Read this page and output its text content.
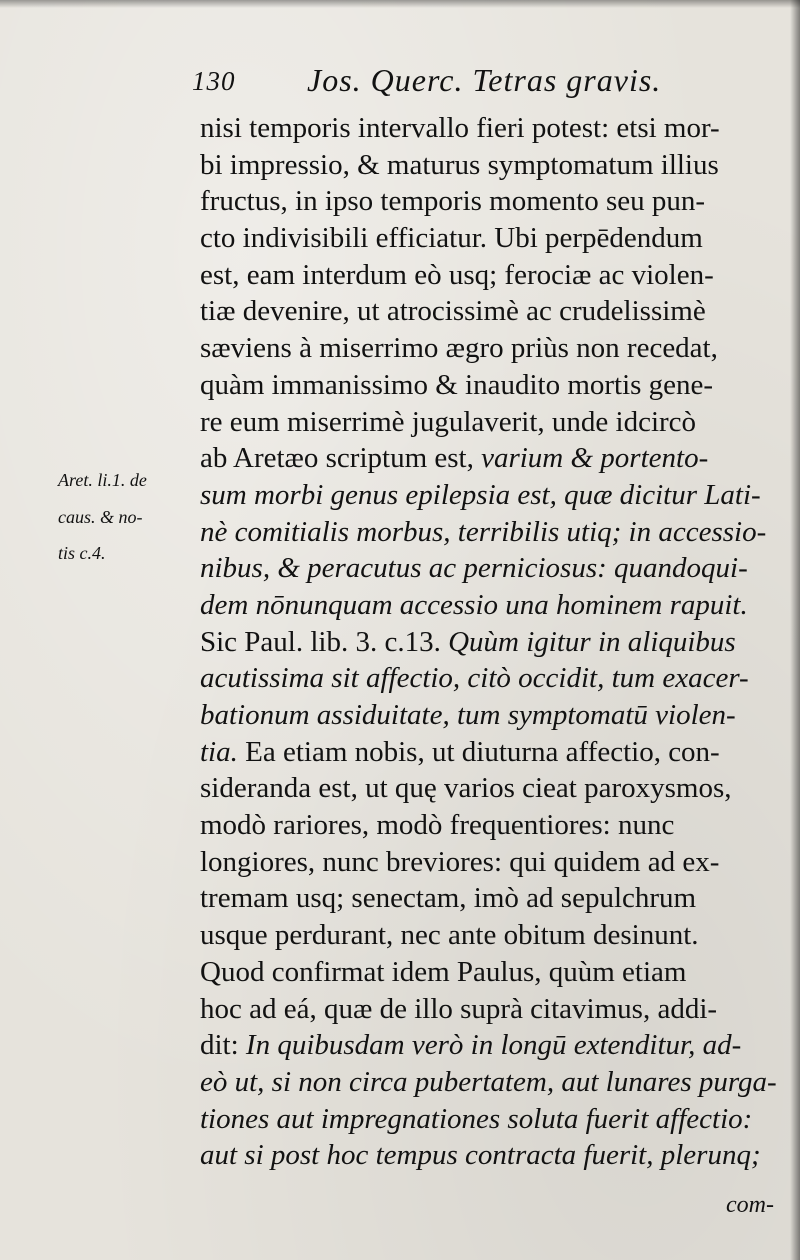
130 Jos. Querc. Tetras gravis.
Aret. li.1. de
caus. & no-
tis c.4.
nisi temporis intervallo fieri potest: etsi mor-
bi impressio, & maturus symptomatum illius
fructus, in ipso temporis momento seu pun-
cto indivisibili efficiatur. Ubi perpēdendum
est, eam interdum eò usq; ferociæ ac violen-
tiæ devenire, ut atrocissimè ac crudelissimè
sæviens à miserrimo ægro priùs non recedat,
quàm immanissimo & inaudito mortis gene-
re eum miserrimè jugulaverit, unde idcircò
ab Aretæo scriptum est, varium & portento-
sum morbi genus epilepsia est, quæ dicitur Lati-
nè comitialis morbus, terribilis utiq; in accessio-
nibus, & peracutus ac perniciosus: quandoqui-
dem nōnunquam accessio una hominem rapuit.
Sic Paul. lib. 3. c.13. Quùm igitur in aliquibus
acutissima sit affectio, citò occidit, tum exacer-
bationum assiduitate, tum symptomatū violen-
tia. Ea etiam nobis, ut diuturna affectio, con-
sideranda est, ut quę varios cieat paroxysmos,
modò rariores, modò frequentiores: nunc
longiores, nunc breviores: qui quidem ad ex-
tremam usq; senectam, imò ad sepulchrum
usque perdurant, nec ante obitum desinunt.
Quod confirmat idem Paulus, quùm etiam
hoc ad eá, quæ de illo suprà citavimus, addi-
dit: In quibusdam verò in longū extenditur, ad-
eò ut, si non circa pubertatem, aut lunares purga-
tiones aut impregnationes soluta fuerit affectio:
aut si post hoc tempus contracta fuerit, plerunq;
com-
